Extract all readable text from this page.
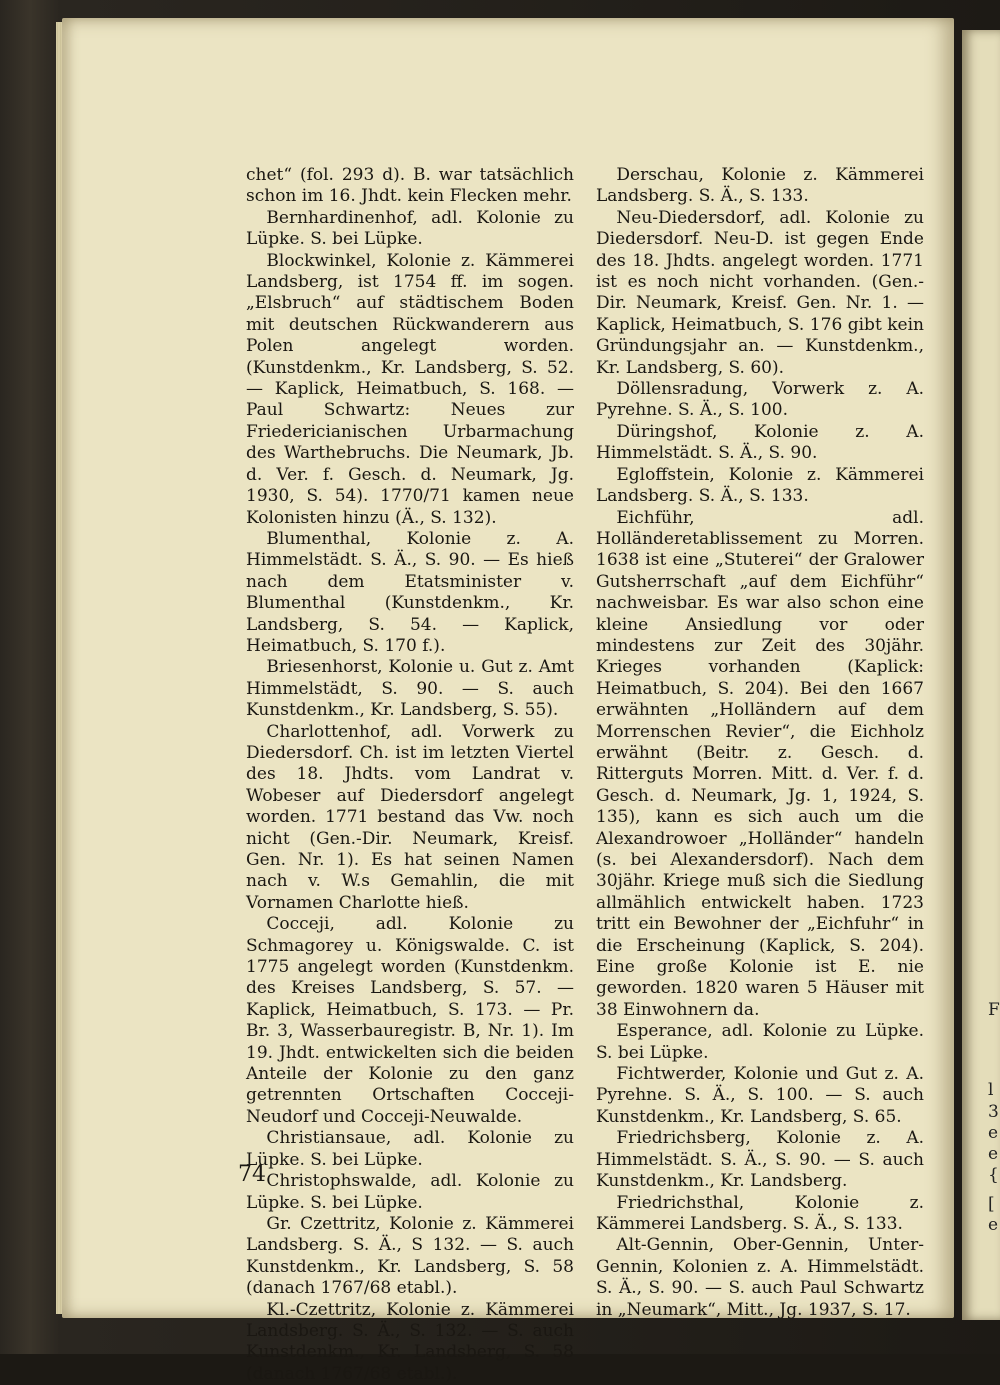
F
l
3
e
e
{
[
e

chet“ (fol. 293 d). B. war tatsächlich schon im 16. Jhdt. kein Flecken mehr.

Bernhardinenhof, adl. Kolonie zu Lüpke. S. bei Lüpke.

Blockwinkel, Kolonie z. Kämmerei Landsberg, ist 1754 ff. im sogen. „Elsbruch“ auf städtischem Boden mit deutschen Rückwanderern aus Polen angelegt worden. (Kunstdenkm., Kr. Landsberg, S. 52. — Kaplick, Heimatbuch, S. 168. — Paul Schwartz: Neues zur Friedericianischen Urbarmachung des Warthebruchs. Die Neumark, Jb. d. Ver. f. Gesch. d. Neumark, Jg. 1930, S. 54). 1770/71 kamen neue Kolonisten hinzu (Ä., S. 132).

Blumenthal, Kolonie z. A. Himmelstädt. S. Ä., S. 90. — Es hieß nach dem Etatsminister v. Blumenthal (Kunstdenkm., Kr. Landsberg, S. 54. — Kaplick, Heimatbuch, S. 170 f.).

Briesenhorst, Kolonie u. Gut z. Amt Himmelstädt, S. 90. — S. auch Kunstdenkm., Kr. Landsberg, S. 55).

Charlottenhof, adl. Vorwerk zu Diedersdorf. Ch. ist im letzten Viertel des 18. Jhdts. vom Landrat v. Wobeser auf Diedersdorf angelegt worden. 1771 bestand das Vw. noch nicht (Gen.-Dir. Neumark, Kreisf. Gen. Nr. 1). Es hat seinen Namen nach v. W.s Gemahlin, die mit Vornamen Charlotte hieß.

Cocceji, adl. Kolonie zu Schmagorey u. Königswalde. C. ist 1775 angelegt worden (Kunstdenkm. des Kreises Landsberg, S. 57. — Kaplick, Heimatbuch, S. 173. — Pr. Br. 3, Wasserbauregistr. B, Nr. 1). Im 19. Jhdt. entwickelten sich die beiden Anteile der Kolonie zu den ganz getrennten Ortschaften Cocceji-Neudorf und Cocceji-Neuwalde.

Christiansaue, adl. Kolonie zu Lüpke. S. bei Lüpke.

Christophswalde, adl. Kolonie zu Lüpke. S. bei Lüpke.

Gr. Czettritz, Kolonie z. Kämmerei Landsberg. S. Ä., S 132. — S. auch Kunstdenkm., Kr. Landsberg, S. 58 (danach 1767/68 etabl.).

Kl.-Czettritz, Kolonie z. Kämmerei Landsberg. S. Ä., S. 132. — S. auch Kunstdenkm., Kr. Landsberg, S. 58 (danach 1767/68 etabl.).

Derschau, Kolonie z. Kämmerei Landsberg. S. Ä., S. 133.

Neu-Diedersdorf, adl. Kolonie zu Diedersdorf. Neu-D. ist gegen Ende des 18. Jhdts. angelegt worden. 1771 ist es noch nicht vorhanden. (Gen.-Dir. Neumark, Kreisf. Gen. Nr. 1. — Kaplick, Heimatbuch, S. 176 gibt kein Gründungsjahr an. — Kunstdenkm., Kr. Landsberg, S. 60).

Döllensradung, Vorwerk z. A. Pyrehne. S. Ä., S. 100.

Düringshof, Kolonie z. A. Himmelstädt. S. Ä., S. 90.

Egloffstein, Kolonie z. Kämmerei Landsberg. S. Ä., S. 133.

Eichführ, adl. Holländeretablissement zu Morren. 1638 ist eine „Stuterei“ der Gralower Gutsherrschaft „auf dem Eichführ“ nachweisbar. Es war also schon eine kleine Ansiedlung vor oder mindestens zur Zeit des 30jähr. Krieges vorhanden (Kaplick: Heimatbuch, S. 204). Bei den 1667 erwähnten „Holländern auf dem Morrenschen Revier“, die Eichholz erwähnt (Beitr. z. Gesch. d. Ritterguts Morren. Mitt. d. Ver. f. d. Gesch. d. Neumark, Jg. 1, 1924, S. 135), kann es sich auch um die Alexandrowoer „Holländer“ handeln (s. bei Alexandersdorf). Nach dem 30jähr. Kriege muß sich die Siedlung allmählich entwickelt haben. 1723 tritt ein Bewohner der „Eichfuhr“ in die Erscheinung (Kaplick, S. 204). Eine große Kolonie ist E. nie geworden. 1820 waren 5 Häuser mit 38 Einwohnern da.

Esperance, adl. Kolonie zu Lüpke. S. bei Lüpke.

Fichtwerder, Kolonie und Gut z. A. Pyrehne. S. Ä., S. 100. — S. auch Kunstdenkm., Kr. Landsberg, S. 65.

Friedrichsberg, Kolonie z. A. Himmelstädt. S. Ä., S. 90. — S. auch Kunstdenkm., Kr. Landsberg.

Friedrichsthal, Kolonie z. Kämmerei Landsberg. S. Ä., S. 133.

Alt-Gennin, Ober-Gennin, Unter-Gennin, Kolonien z. A. Himmelstädt. S. Ä., S. 90. — S. auch Paul Schwartz in „Neumark“, Mitt., Jg. 1937, S. 17.

74
